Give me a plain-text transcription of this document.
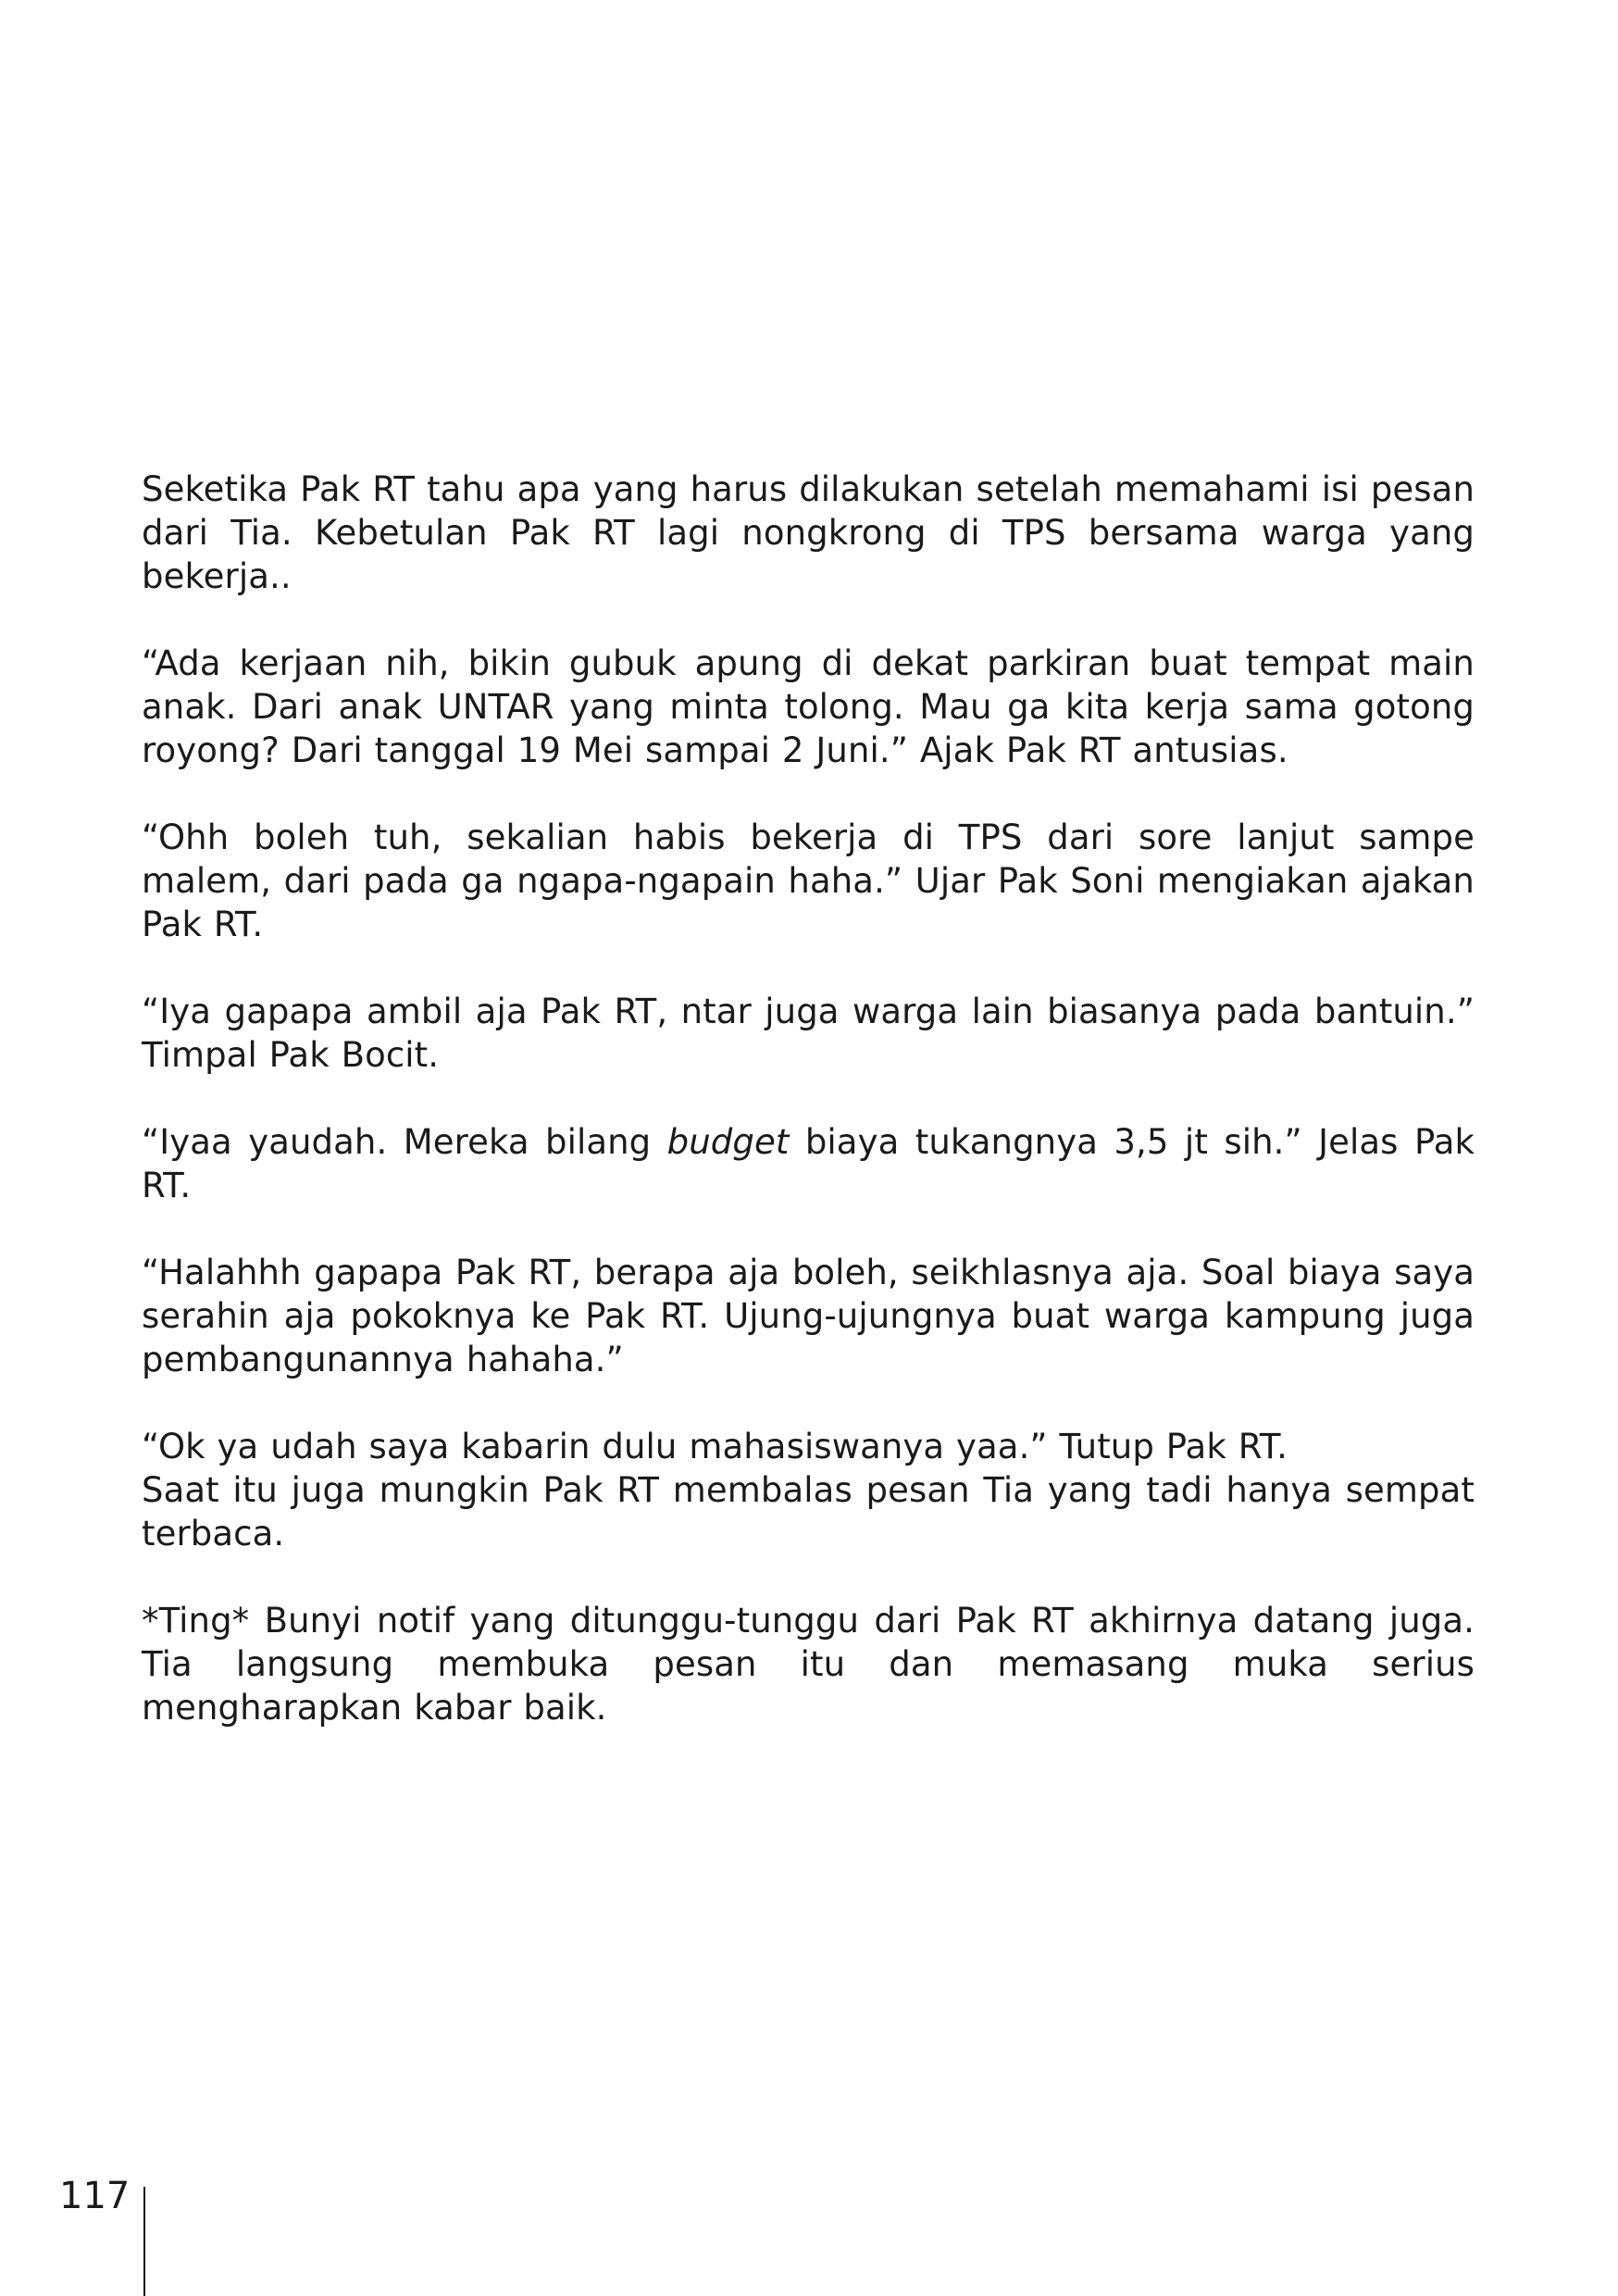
Seketika Pak RT tahu apa yang harus dilakukan setelah memahami isi pesan dari Tia. Kebetulan Pak RT lagi nongkrong di TPS bersama warga yang bekerja..

“Ada kerjaan nih, bikin gubuk apung di dekat parkiran buat tempat main anak. Dari anak UNTAR yang minta tolong. Mau ga kita kerja sama gotong royong? Dari tanggal 19 Mei sampai 2 Juni.” Ajak Pak RT antusias.

“Ohh boleh tuh, sekalian habis bekerja di TPS dari sore lanjut sampe malem, dari pada ga ngapa-ngapain haha.” Ujar Pak Soni mengiakan ajakan Pak RT.

“Iya gapapa ambil aja Pak RT, ntar juga warga lain biasanya pada bantuin.” Timpal Pak Bocit.

“Iyaa yaudah. Mereka bilang budget biaya tukangnya 3,5 jt sih.” Jelas Pak RT.

“Halahhh gapapa Pak RT, berapa aja boleh, seikhlasnya aja. Soal biaya saya serahin aja pokoknya ke Pak RT. Ujung-ujungnya buat warga kampung juga pembangunannya hahaha.”

“Ok ya udah saya kabarin dulu mahasiswanya yaa.” Tutup Pak RT.

Saat itu juga mungkin Pak RT membalas pesan Tia yang tadi hanya sempat terbaca.

*Ting* Bunyi notif yang ditunggu-tunggu dari Pak RT akhirnya datang juga. Tia langsung membuka pesan itu dan memasang muka serius mengharapkan kabar baik.

117
